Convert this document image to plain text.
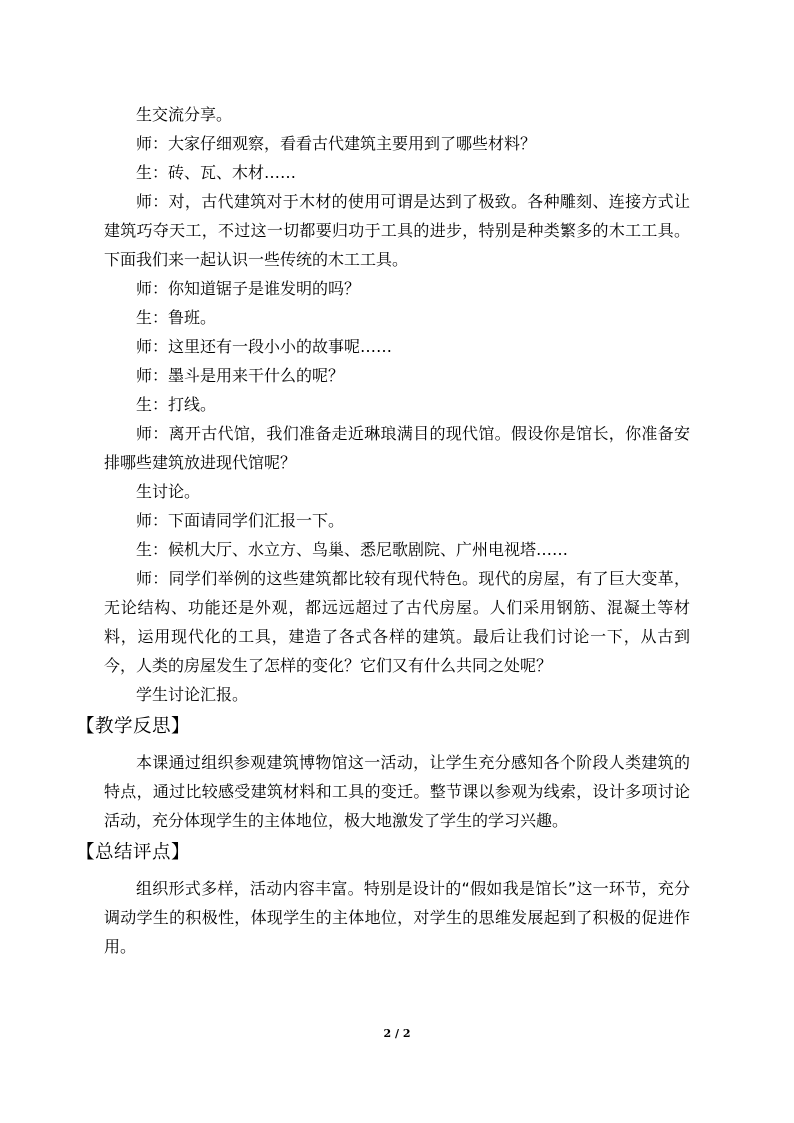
生交流分享。

师：大家仔细观察，看看古代建筑主要用到了哪些材料？

生：砖、瓦、木材……

师：对，古代建筑对于木材的使用可谓是达到了极致。各种雕刻、连接方式让建筑巧夺天工，不过这一切都要归功于工具的进步，特别是种类繁多的木工工具。下面我们来一起认识一些传统的木工工具。

师：你知道锯子是谁发明的吗？

生：鲁班。

师：这里还有一段小小的故事呢……

师：墨斗是用来干什么的呢？

生：打线。

师：离开古代馆，我们准备走近琳琅满目的现代馆。假设你是馆长，你准备安排哪些建筑放进现代馆呢？

生讨论。

师：下面请同学们汇报一下。

生：候机大厅、水立方、鸟巢、悉尼歌剧院、广州电视塔……

师：同学们举例的这些建筑都比较有现代特色。现代的房屋，有了巨大变革，无论结构、功能还是外观，都远远超过了古代房屋。人们采用钢筋、混凝土等材料，运用现代化的工具，建造了各式各样的建筑。最后让我们讨论一下，从古到今，人类的房屋发生了怎样的变化？它们又有什么共同之处呢？

学生讨论汇报。

【教学反思】

本课通过组织参观建筑博物馆这一活动，让学生充分感知各个阶段人类建筑的特点，通过比较感受建筑材料和工具的变迁。整节课以参观为线索，设计多项讨论活动，充分体现学生的主体地位，极大地激发了学生的学习兴趣。

【总结评点】

组织形式多样，活动内容丰富。特别是设计的“假如我是馆长”这一环节，充分调动学生的积极性，体现学生的主体地位，对学生的思维发展起到了积极的促进作用。

2 / 2
